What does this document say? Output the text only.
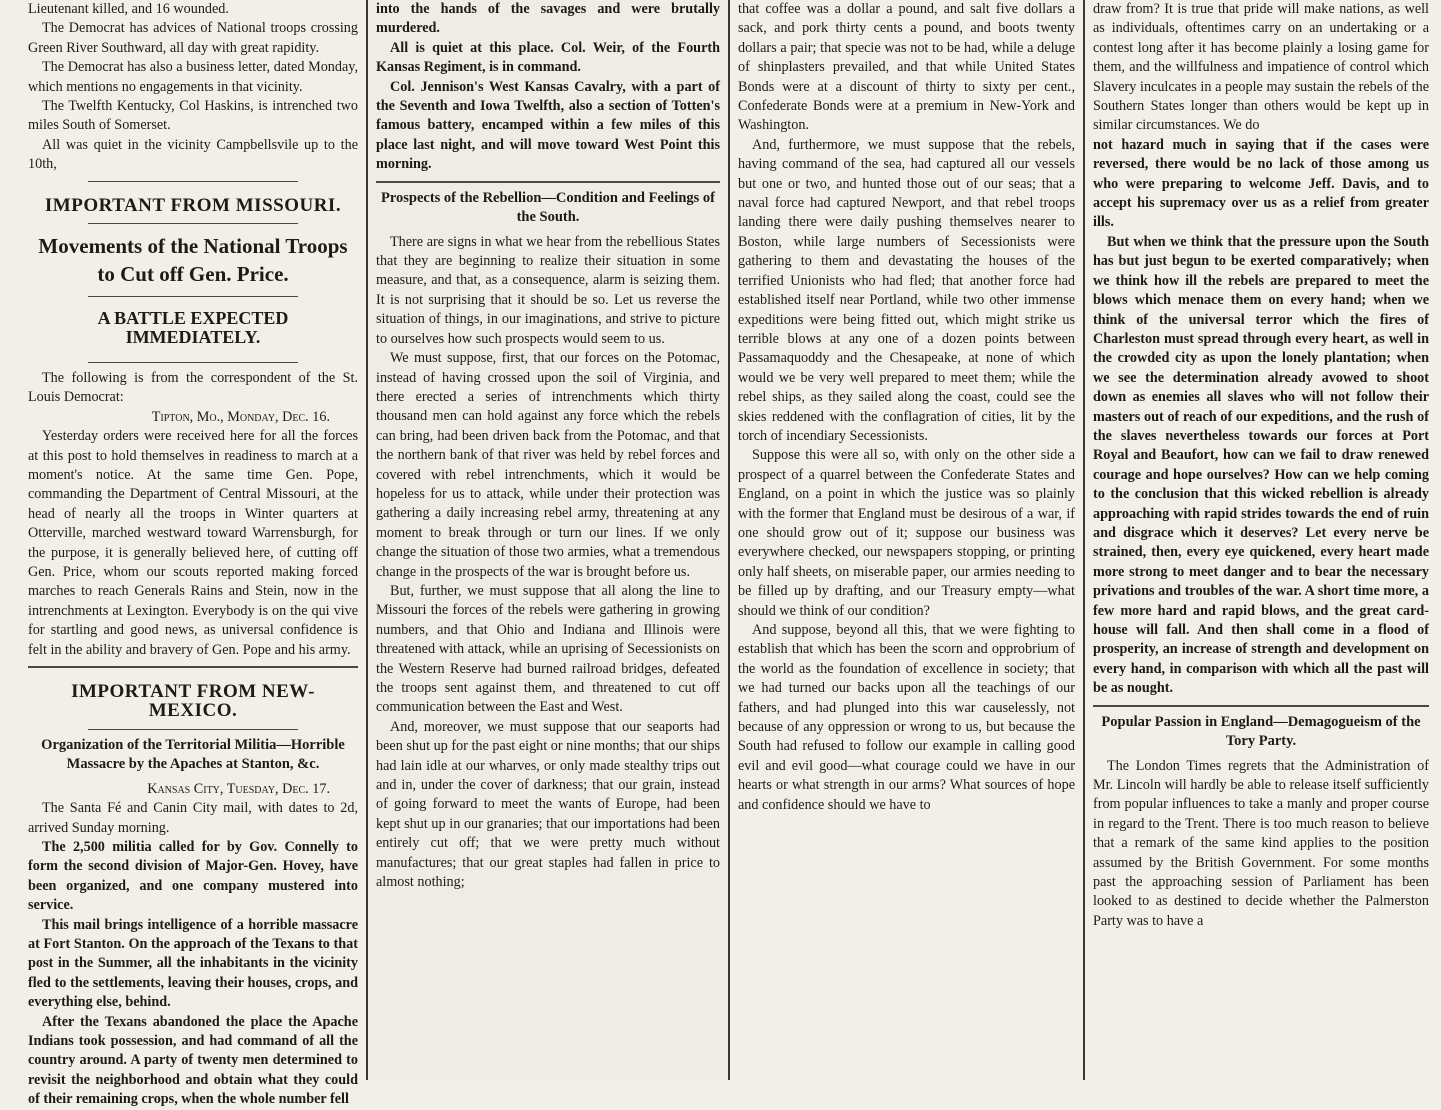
Lieutenant killed, and 16 wounded.

The Democrat has advices of National troops crossing Green River Southward, all day with great rapidity.

The Democrat has also a business letter, dated Monday, which mentions no engagements in that vicinity.

The Twelfth Kentucky, Col Haskins, is intrenched two miles South of Somerset.

All was quiet in the vicinity Campbellsvile up to the 10th,

IMPORTANT FROM MISSOURI.
Movements of the National Troops to Cut off Gen. Price.
A BATTLE EXPECTED IMMEDIATELY.

The following is from the correspondent of the St. Louis Democrat:

Tipton, Mo., Monday, Dec. 16.

Yesterday orders were received here for all the forces at this post to hold themselves in readiness to march at a moment's notice. At the same time Gen. Pope, commanding the Department of Central Missouri, at the head of nearly all the troops in Winter quarters at Otterville, marched westward toward Warrensburgh, for the purpose, it is generally believed here, of cutting off Gen. Price, whom our scouts reported making forced marches to reach Generals Rains and Stein, now in the intrenchments at Lexington. Everybody is on the qui vive for startling and good news, as universal confidence is felt in the ability and bravery of Gen. Pope and his army.

IMPORTANT FROM NEW-MEXICO.
Organization of the Territorial Militia—Horrible Massacre by the Apaches at Stanton, &c.

Kansas City, Tuesday, Dec. 17.

The Santa Fé and Canin City mail, with dates to 2d, arrived Sunday morning.

The 2,500 militia called for by Gov. Connelly to form the second division of Major-Gen. Hovey, have been organized, and one company mustered into service.

This mail brings intelligence of a horrible massacre at Fort Stanton. On the approach of the Texans to that post in the Summer, all the inhabitants in the vicinity fled to the settlements, leaving their houses, crops, and everything else, behind.

After the Texans abandoned the place the Apache Indians took possession, and had command of all the country around. A party of twenty men determined to revisit the neighborhood and obtain what they could of their remaining crops, when the whole number fell

into the hands of the savages and were brutally murdered.

All is quiet at this place. Col. Weir, of the Fourth Kansas Regiment, is in command.

Col. Jennison's West Kansas Cavalry, with a part of the Seventh and Iowa Twelfth, also a section of Totten's famous battery, encamped within a few miles of this place last night, and will move toward West Point this morning.

Prospects of the Rebellion—Condition and Feelings of the South.

There are signs in what we hear from the rebellious States that they are beginning to realize their situation in some measure, and that, as a consequence, alarm is seizing them. It is not surprising that it should be so. Let us reverse the situation of things, in our imaginations, and strive to picture to ourselves how such prospects would seem to us.

We must suppose, first, that our forces on the Potomac, instead of having crossed upon the soil of Virginia, and there erected a series of intrenchments which thirty thousand men can hold against any force which the rebels can bring, had been driven back from the Potomac, and that the northern bank of that river was held by rebel forces and covered with rebel intrenchments, which it would be hopeless for us to attack, while under their protection was gathering a daily increasing rebel army, threatening at any moment to break through or turn our lines. If we only change the situation of those two armies, what a tremendous change in the prospects of the war is brought before us.

But, further, we must suppose that all along the line to Missouri the forces of the rebels were gathering in growing numbers, and that Ohio and Indiana and Illinois were threatened with attack, while an uprising of Secessionists on the Western Reserve had burned railroad bridges, defeated the troops sent against them, and threatened to cut off communication between the East and West.

And, moreover, we must suppose that our seaports had been shut up for the past eight or nine months; that our ships had lain idle at our wharves, or only made stealthy trips out and in, under the cover of darkness; that our grain, instead of going forward to meet the wants of Europe, had been kept shut up in our granaries; that our importations had been entirely cut off; that we were pretty much without manufactures; that our great staples had fallen in price to almost nothing;

that coffee was a dollar a pound, and salt five dollars a sack, and pork thirty cents a pound, and boots twenty dollars a pair; that specie was not to be had, while a deluge of shinplasters prevailed, and that while United States Bonds were at a discount of thirty to sixty per cent., Confederate Bonds were at a premium in New-York and Washington.

And, furthermore, we must suppose that the rebels, having command of the sea, had captured all our vessels but one or two, and hunted those out of our seas; that a naval force had captured Newport, and that rebel troops landing there were daily pushing themselves nearer to Boston, while large numbers of Secessionists were gathering to them and devastating the houses of the terrified Unionists who had fled; that another force had established itself near Portland, while two other immense expeditions were being fitted out, which might strike us terrible blows at any one of a dozen points between Passamaquoddy and the Chesapeake, at none of which would we be very well prepared to meet them; while the rebel ships, as they sailed along the coast, could see the skies reddened with the conflagration of cities, lit by the torch of incendiary Secessionists.

Suppose this were all so, with only on the other side a prospect of a quarrel between the Confederate States and England, on a point in which the justice was so plainly with the former that England must be desirous of a war, if one should grow out of it; suppose our business was everywhere checked, our newspapers stopping, or printing only half sheets, on miserable paper, our armies needing to be filled up by drafting, and our Treasury empty—what should we think of our condition?

And suppose, beyond all this, that we were fighting to establish that which has been the scorn and opprobrium of the world as the foundation of excellence in society; that we had turned our backs upon all the teachings of our fathers, and had plunged into this war causelessly, not because of any oppression or wrong to us, but because the South had refused to follow our example in calling good evil and evil good—what courage could we have in our hearts or what strength in our arms? What sources of hope and confidence should we have to

draw from? It is true that pride will make nations, as well as individuals, oftentimes carry on an undertaking or a contest long after it has become plainly a losing game for them, and the willfulness and impatience of control which Slavery inculcates in a people may sustain the rebels of the Southern States longer than others would be kept up in similar circumstances. We do

not hazard much in saying that if the cases were reversed, there would be no lack of those among us who were preparing to welcome Jeff. Davis, and to accept his supremacy over us as a relief from greater ills.

But when we think that the pressure upon the South has but just begun to be exerted comparatively; when we think how ill the rebels are prepared to meet the blows which menace them on every hand; when we think of the universal terror which the fires of Charleston must spread through every heart, as well in the crowded city as upon the lonely plantation; when we see the determination already avowed to shoot down as enemies all slaves who will not follow their masters out of reach of our expeditions, and the rush of the slaves nevertheless towards our forces at Port Royal and Beaufort, how can we fail to draw renewed courage and hope ourselves? How can we help coming to the conclusion that this wicked rebellion is already approaching with rapid strides towards the end of ruin and disgrace which it deserves? Let every nerve be strained, then, every eye quickened, every heart made more strong to meet danger and to bear the necessary privations and troubles of the war. A short time more, a few more hard and rapid blows, and the great card-house will fall. And then shall come in a flood of prosperity, an increase of strength and development on every hand, in comparison with which all the past will be as nought.

Popular Passion in England—Demagogueism of the Tory Party.

The London Times regrets that the Administration of Mr. Lincoln will hardly be able to release itself sufficiently from popular influences to take a manly and proper course in regard to the Trent. There is too much reason to believe that a remark of the same kind applies to the position assumed by the British Government. For some months past the approaching session of Parliament has been looked to as destined to decide whether the Palmerston Party was to have a
